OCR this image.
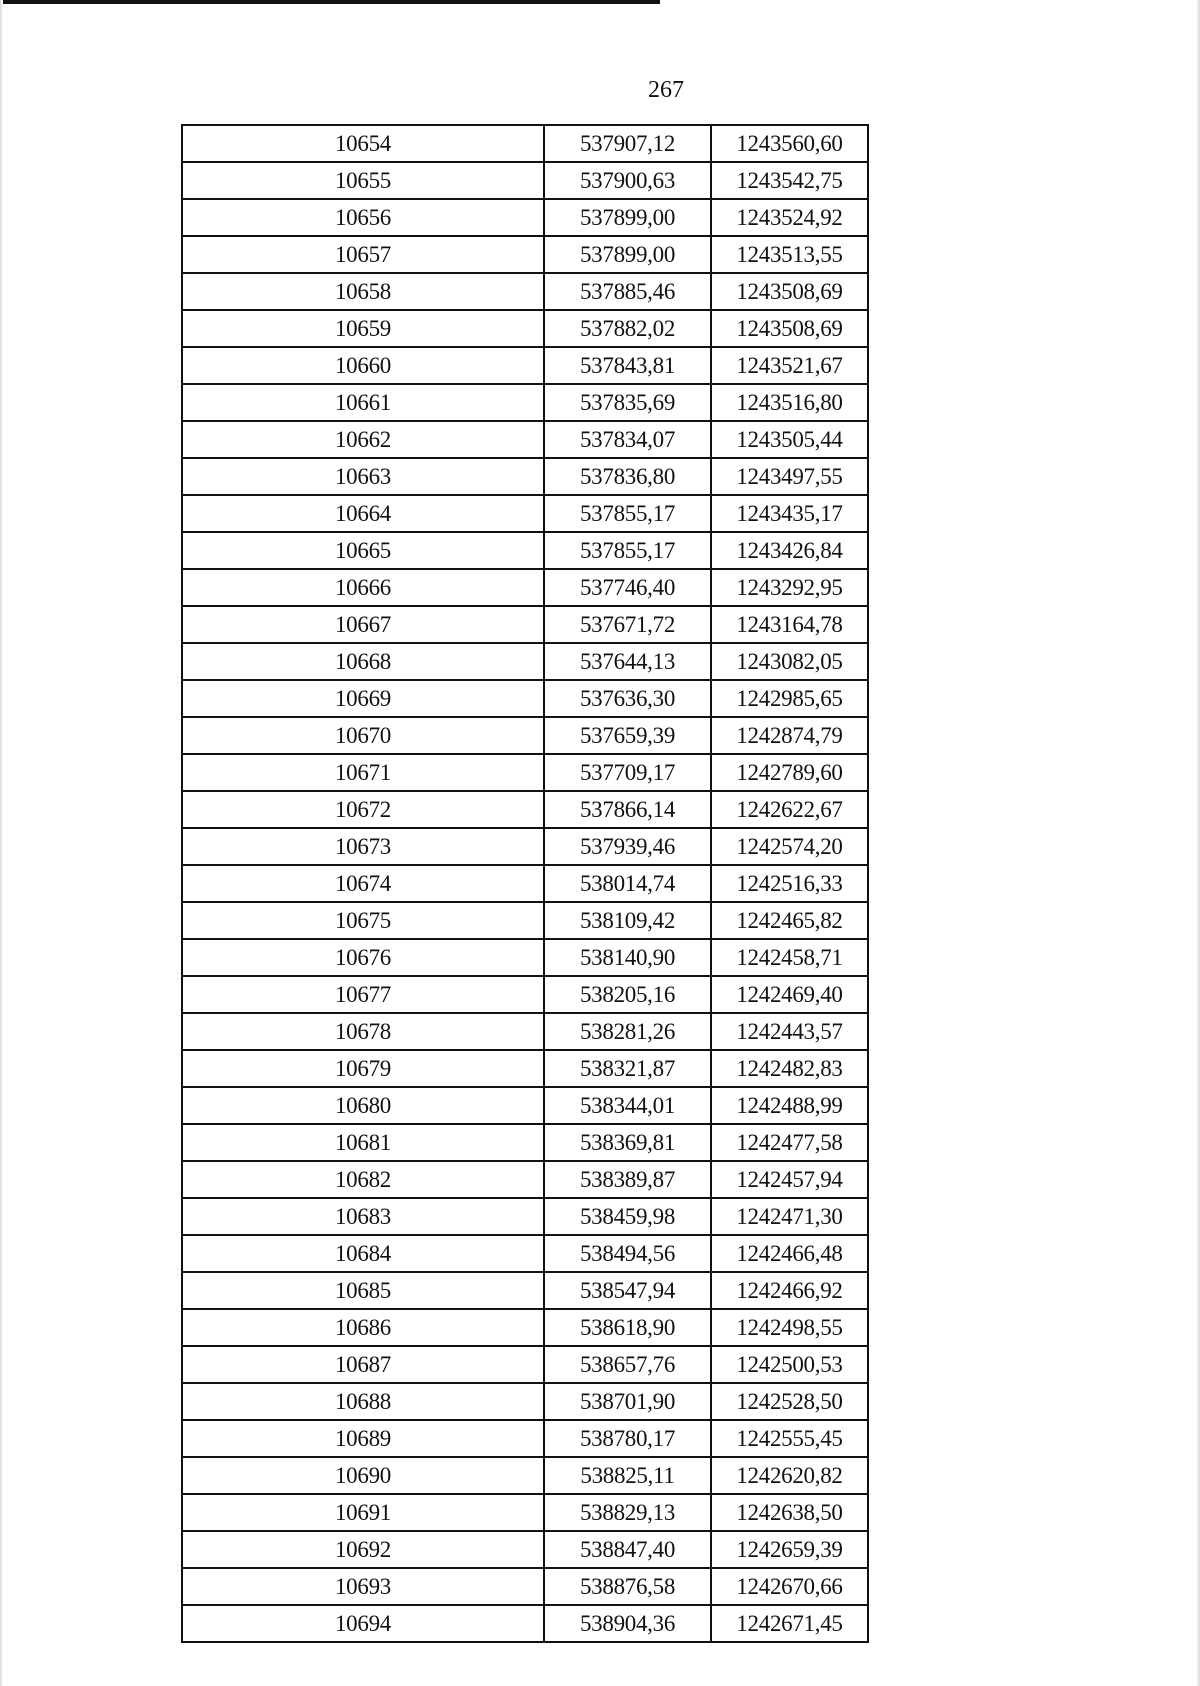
267
10654	537907,12	1243560,60
10655	537900,63	1243542,75
10656	537899,00	1243524,92
10657	537899,00	1243513,55
10658	537885,46	1243508,69
10659	537882,02	1243508,69
10660	537843,81	1243521,67
10661	537835,69	1243516,80
10662	537834,07	1243505,44
10663	537836,80	1243497,55
10664	537855,17	1243435,17
10665	537855,17	1243426,84
10666	537746,40	1243292,95
10667	537671,72	1243164,78
10668	537644,13	1243082,05
10669	537636,30	1242985,65
10670	537659,39	1242874,79
10671	537709,17	1242789,60
10672	537866,14	1242622,67
10673	537939,46	1242574,20
10674	538014,74	1242516,33
10675	538109,42	1242465,82
10676	538140,90	1242458,71
10677	538205,16	1242469,40
10678	538281,26	1242443,57
10679	538321,87	1242482,83
10680	538344,01	1242488,99
10681	538369,81	1242477,58
10682	538389,87	1242457,94
10683	538459,98	1242471,30
10684	538494,56	1242466,48
10685	538547,94	1242466,92
10686	538618,90	1242498,55
10687	538657,76	1242500,53
10688	538701,90	1242528,50
10689	538780,17	1242555,45
10690	538825,11	1242620,82
10691	538829,13	1242638,50
10692	538847,40	1242659,39
10693	538876,58	1242670,66
10694	538904,36	1242671,45
